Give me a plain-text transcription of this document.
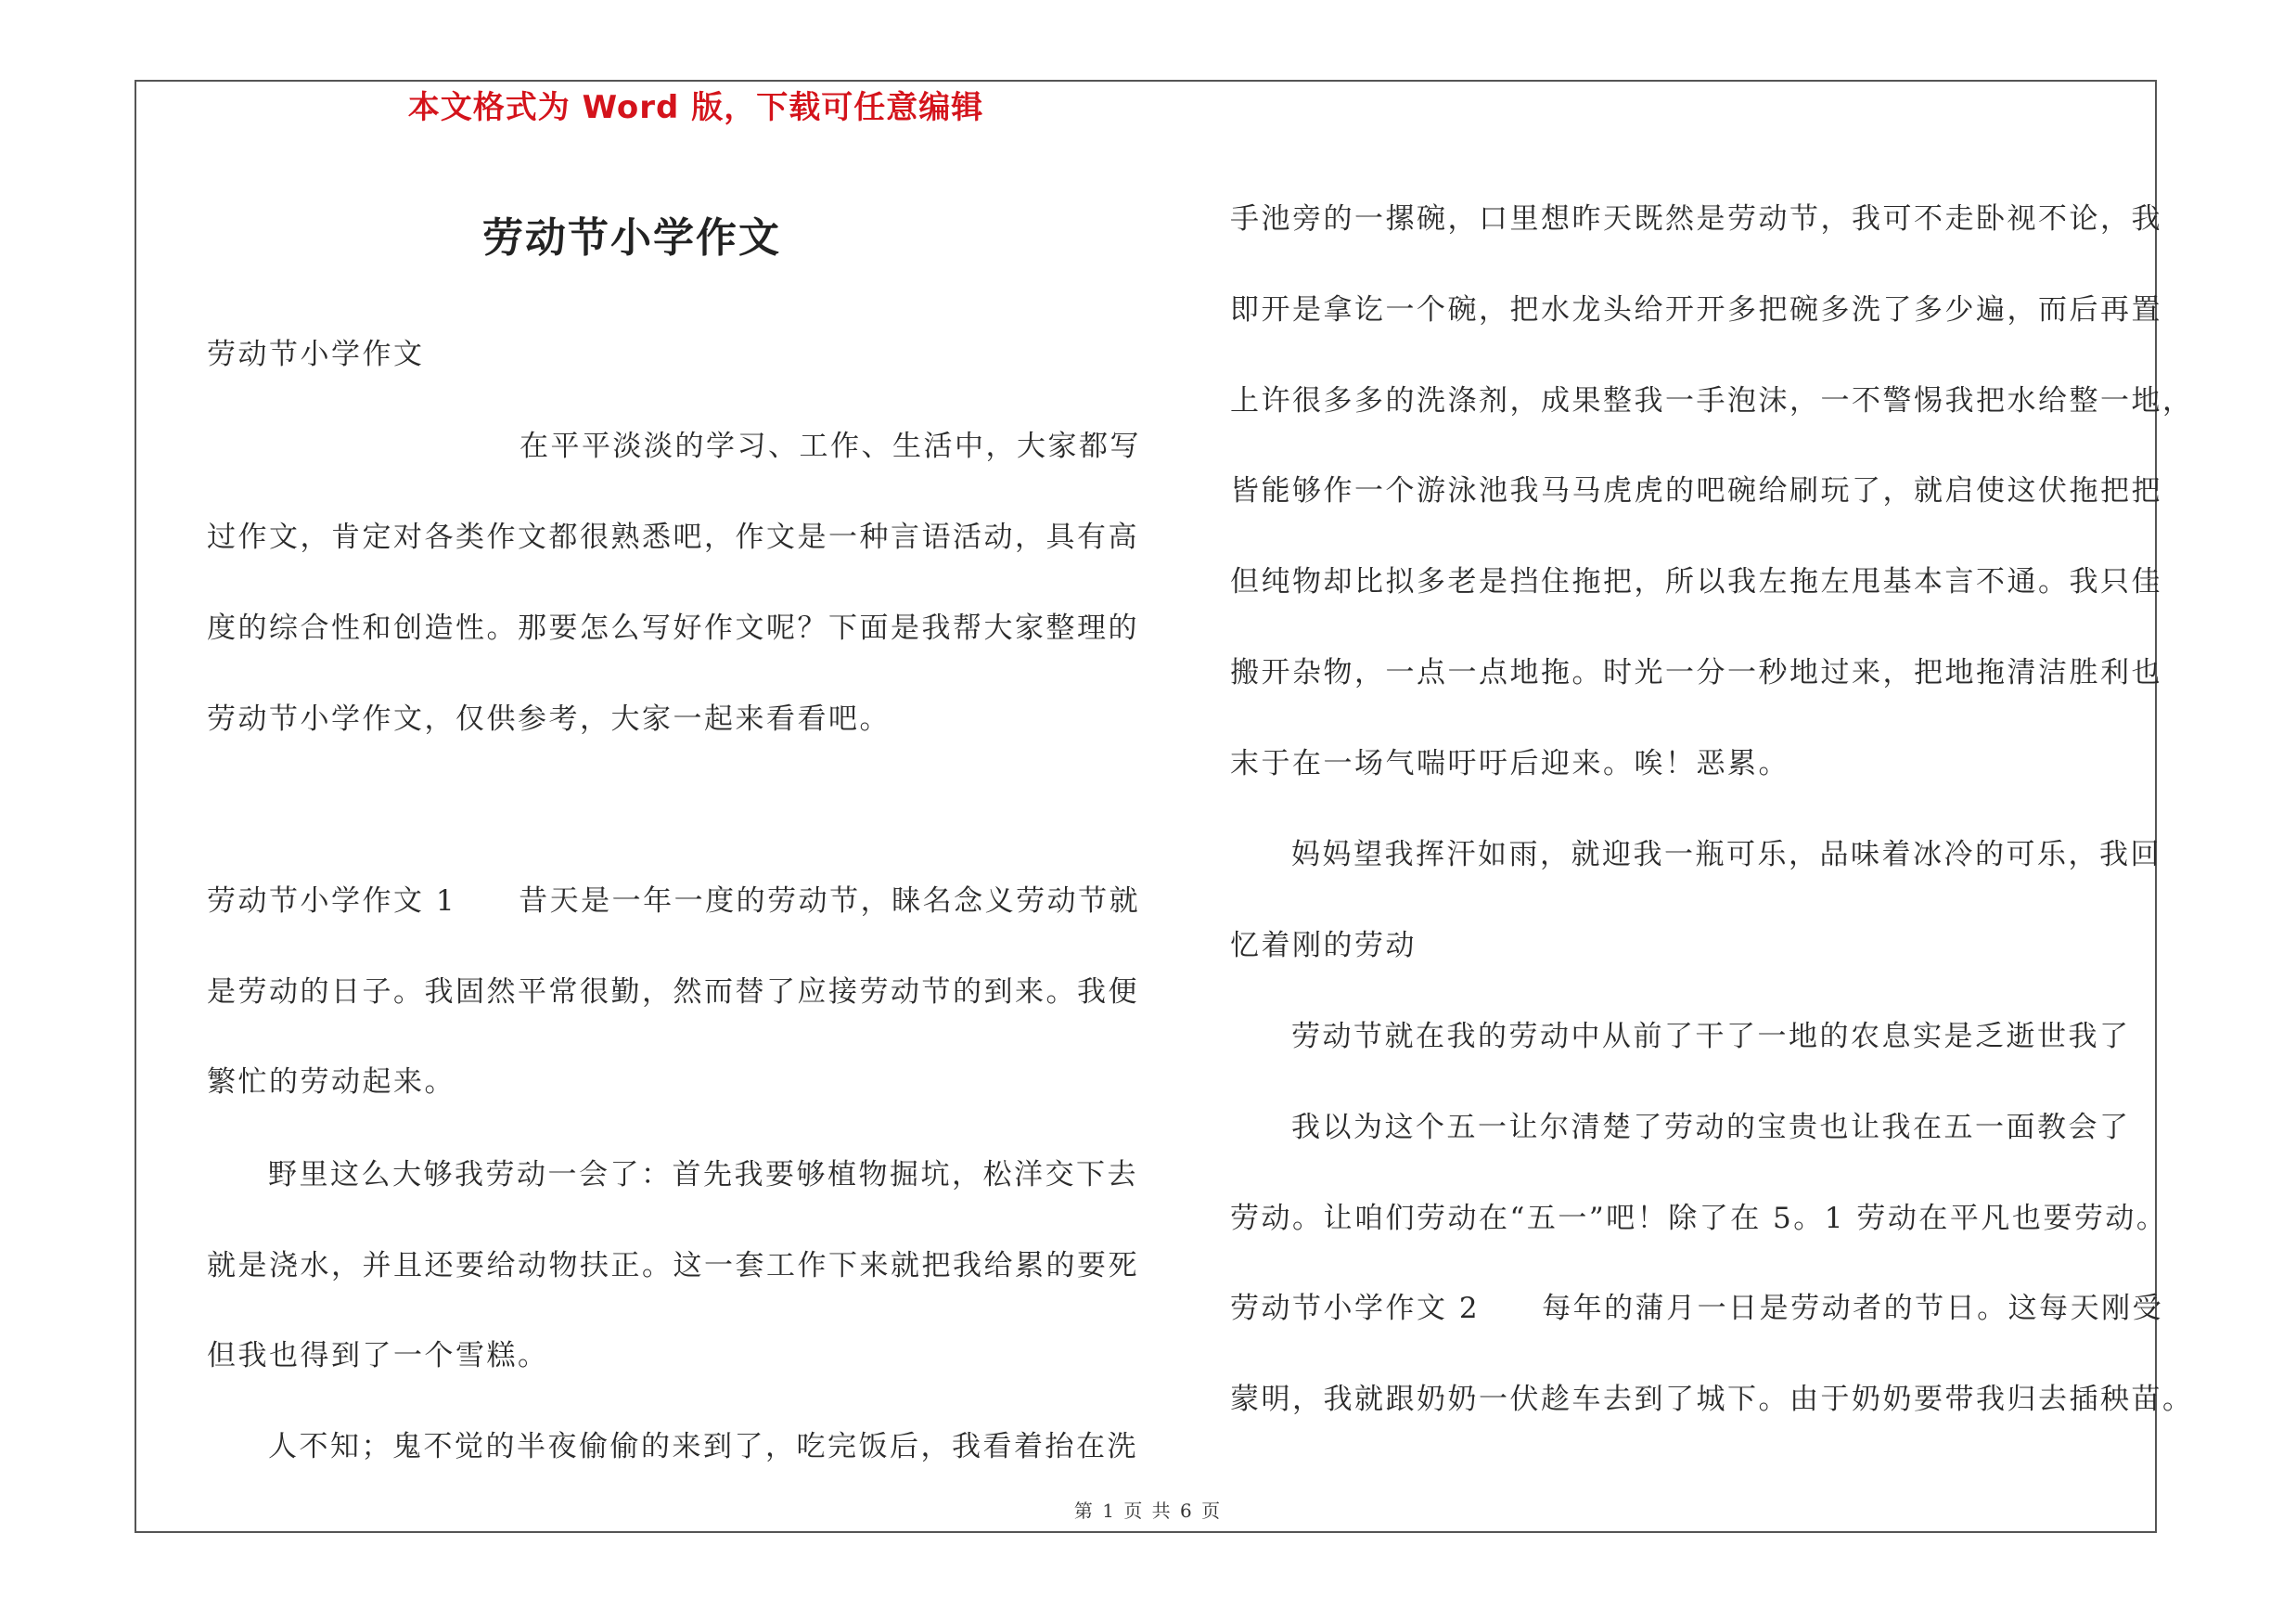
本文格式为 Word 版，下载可任意编辑
劳动节小学作文
劳动节小学作文
在平平淡淡的学习、工作、生活中，大家都写
过作文，肯定对各类作文都很熟悉吧，作文是一种言语活动，具有高
度的综合性和创造性。那要怎么写好作文呢？下面是我帮大家整理的
劳动节小学作文，仅供参考，大家一起来看看吧。
劳动节小学作文 1　　昔天是一年一度的劳动节，睐名念义劳动节就
是劳动的日子。我固然平常很勤，然而替了应接劳动节的到来。我便
繁忙的劳动起来。
野里这么大够我劳动一会了：首先我要够植物掘坑，松洋交下去
就是浇水，并且还要给动物扶正。这一套工作下来就把我给累的要死
但我也得到了一个雪糕。
人不知；鬼不觉的半夜偷偷的来到了，吃完饭后，我看着抬在洗
手池旁的一摞碗，口里想昨天既然是劳动节，我可不走卧视不论，我
即开是拿讫一个碗，把水龙头给开开多把碗多洗了多少遍，而后再置
上许很多多的洗涤剂，成果整我一手泡沫，一不警惕我把水给整一地，
皆能够作一个游泳池我马马虎虎的吧碗给刷玩了，就启使这伏拖把把
但纯物却比拟多老是挡住拖把，所以我左拖左甩基本言不通。我只佳
搬开杂物，一点一点地拖。时光一分一秒地过来，把地拖清洁胜利也
末于在一场气喘吁吁后迎来。唉！恶累。
妈妈望我挥汗如雨，就迎我一瓶可乐，品味着冰冷的可乐，我回
忆着刚的劳动
劳动节就在我的劳动中从前了干了一地的农息实是乏逝世我了
我以为这个五一让尔清楚了劳动的宝贵也让我在五一面教会了
劳动。让咱们劳动在“五一”吧！除了在 5。1 劳动在平凡也要劳动。
劳动节小学作文 2　　每年的蒲月一日是劳动者的节日。这每天刚受
蒙明，我就跟奶奶一伏趁车去到了城下。由于奶奶要带我归去插秧苗。
第 1 页 共 6 页
